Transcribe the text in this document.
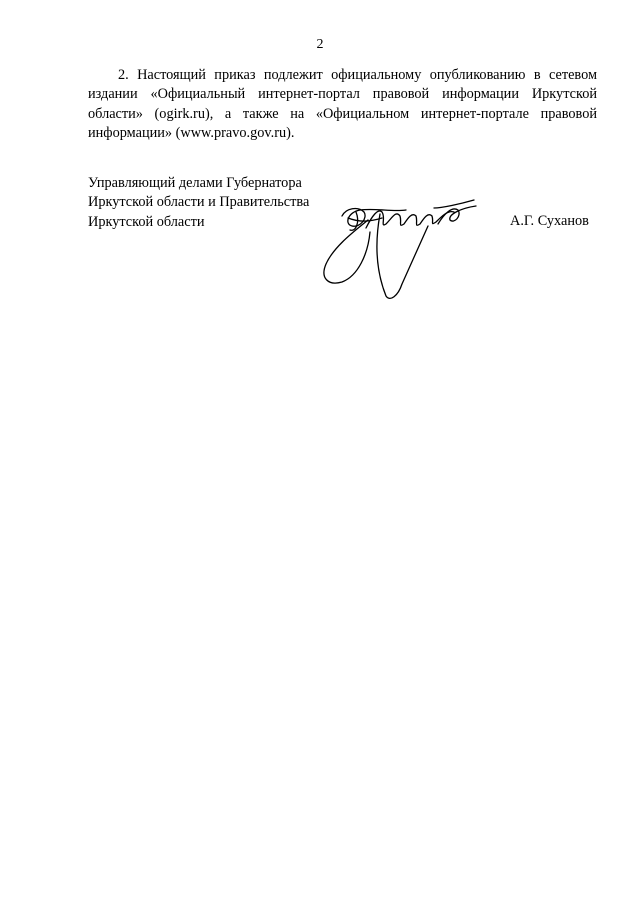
2

2. Настоящий приказ подлежит официальному опубликованию в сетевом издании «Официальный интернет-портал правовой информации Иркутской области» (ogirk.ru), а также на «Официальном интернет-портале правовой информации» (www.pravo.gov.ru).

Управляющий делами Губернатора
Иркутской области и Правительства
Иркутской области	А.Г. Суханов
